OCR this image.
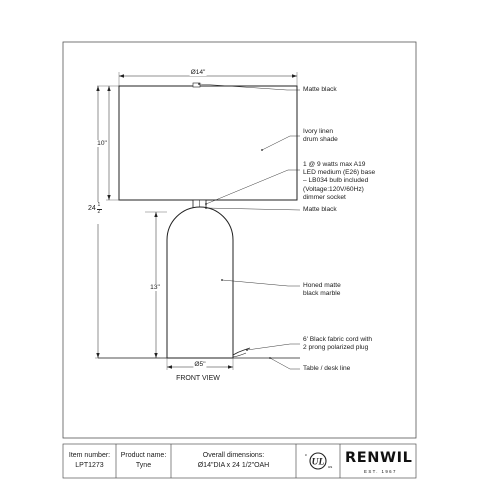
UL
c
us
Ø14"
10"
24 1
2
13"
Ø5"
FRONT VIEW
Matte black
Ivory linen
drum shade
1 @ 9 watts max A19
LED medium (E26) base
– LB034 bulb included
(Voltage:120V/60Hz)
dimmer socket
Matte black
Honed matte
black marble
6' Black fabric cord with
2 prong polarized plug
Table / desk line
Item number:
LPT1273
Product name:
Tyne
Overall dimensions:
Ø14"DIA x 24 1/2"OAH	RENWIL
EST. 1967
